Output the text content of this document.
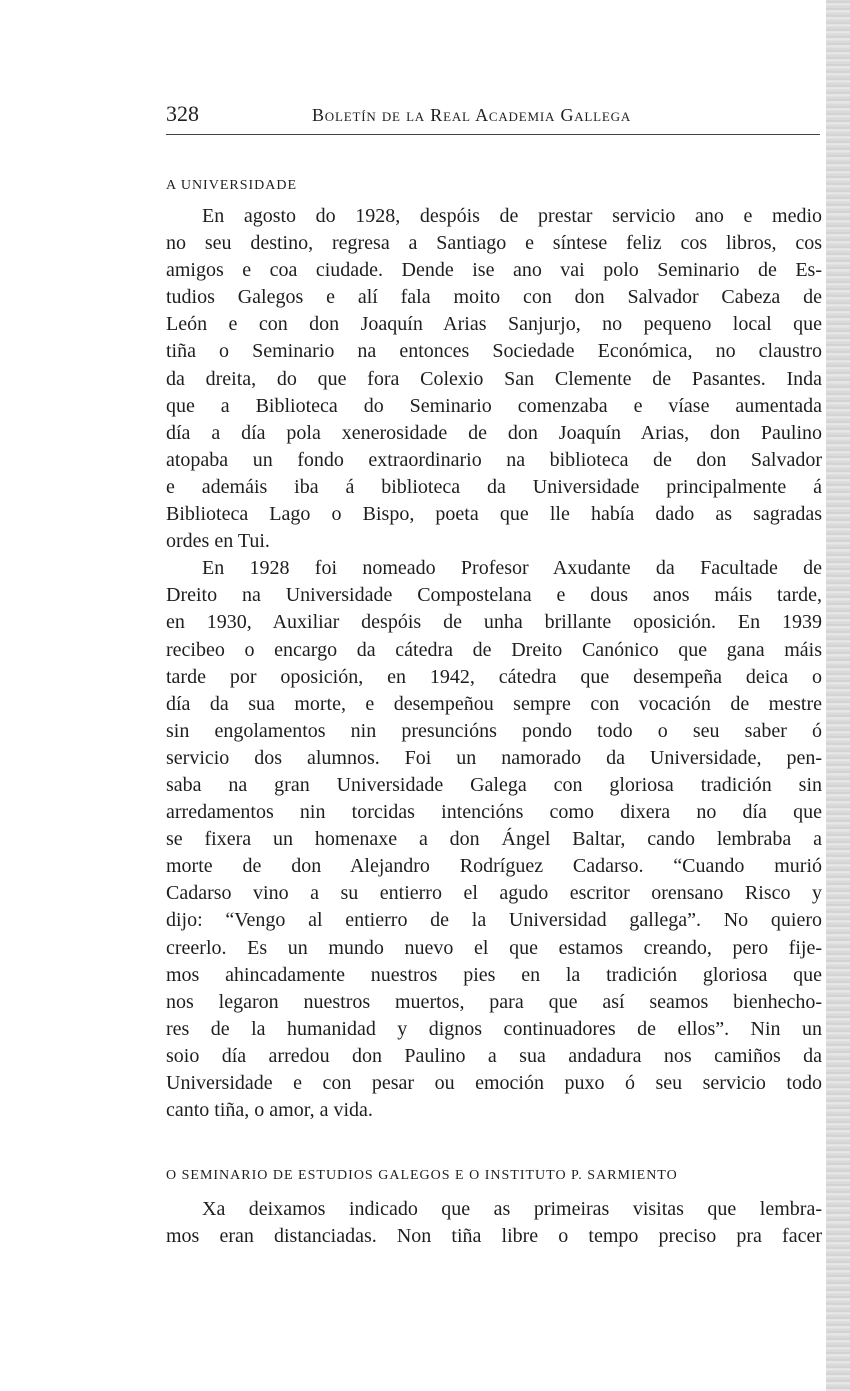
328	Boletín de la Real Academia Gallega
A UNIVERSIDADE
En agosto do 1928, despóis de prestar servicio ano e medio
no seu destino, regresa a Santiago e síntese feliz cos libros, cos
amigos e coa ciudade. Dende ise ano vai polo Seminario de Es-
tudios Galegos e alí fala moito con don Salvador Cabeza de
León e con don Joaquín Arias Sanjurjo, no pequeno local que
tiña o Seminario na entonces Sociedade Económica, no claustro
da dreita, do que fora Colexio San Clemente de Pasantes. Inda
que a Biblioteca do Seminario comenzaba e víase aumentada
día a día pola xenerosidade de don Joaquín Arias, don Paulino
atopaba un fondo extraordinario na biblioteca de don Salvador
e ademáis iba á biblioteca da Universidade principalmente á
Biblioteca Lago o Bispo, poeta que lle había dado as sagradas
ordes en Tui.
En 1928 foi nomeado Profesor Axudante da Facultade de
Dreito na Universidade Compostelana e dous anos máis tarde,
en 1930, Auxiliar despóis de unha brillante oposición. En 1939
recibeo o encargo da cátedra de Dreito Canónico que gana máis
tarde por oposición, en 1942, cátedra que desempeña deica o
día da sua morte, e desempeñou sempre con vocación de mestre
sin engolamentos nin presuncións pondo todo o seu saber ó
servicio dos alumnos. Foi un namorado da Universidade, pen-
saba na gran Universidade Galega con gloriosa tradición sin
arredamentos nin torcidas intencións como dixera no día que
se fixera un homenaxe a don Ángel Baltar, cando lembraba a
morte de don Alejandro Rodríguez Cadarso. “Cuando murió
Cadarso vino a su entierro el agudo escritor orensano Risco y
dijo: “Vengo al entierro de la Universidad gallega”. No quiero
creerlo. Es un mundo nuevo el que estamos creando, pero fije-
mos ahincadamente nuestros pies en la tradición gloriosa que
nos legaron nuestros muertos, para que así seamos bienhecho-
res de la humanidad y dignos continuadores de ellos”. Nin un
soio día arredou don Paulino a sua andadura nos camiños da
Universidade e con pesar ou emoción puxo ó seu servicio todo
canto tiña, o amor, a vida.
O SEMINARIO DE ESTUDIOS GALEGOS E O INSTITUTO P. SARMIENTO
Xa deixamos indicado que as primeiras visitas que lembra-
mos eran distanciadas. Non tiña libre o tempo preciso pra facer
